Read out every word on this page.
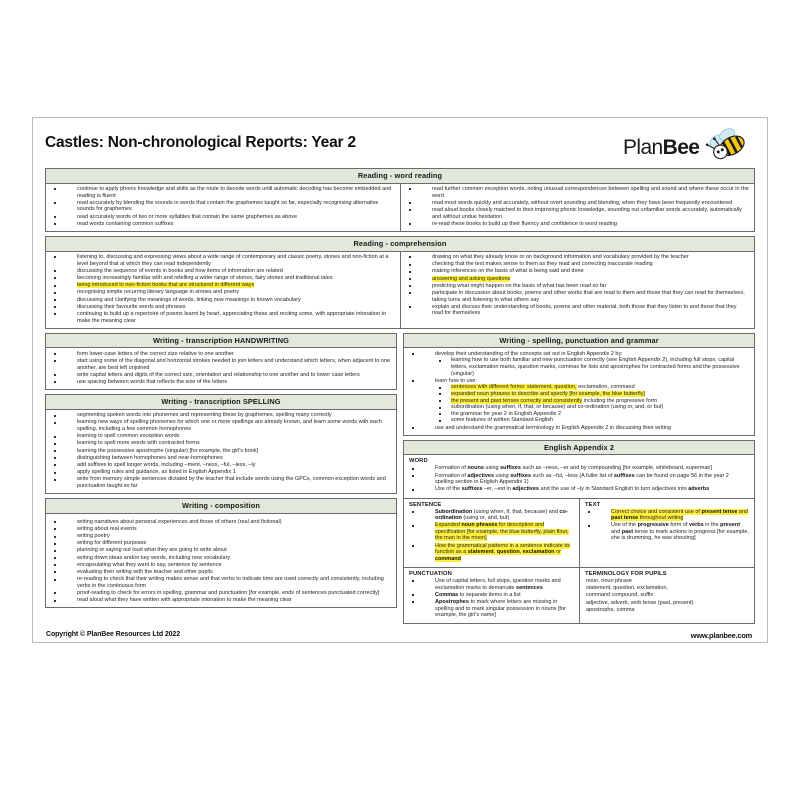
Castles: Non-chronological Reports: Year 2	PlanBee
Reading - word reading
continue to apply phonic knowledge and skills as the route to decode words until automatic decoding has become embedded and reading is fluent
read accurately by blending the sounds in words that contain the graphemes taught so far, especially recognising alternative sounds for graphemes
read accurately words of two or more syllables that contain the same graphemes as above
read words containing common suffixes
read further common exception words, noting unusual correspondences between spelling and sound and where these occur in the word
read most words quickly and accurately, without overt sounding and blending, when they have been frequently encountered
read aloud books closely matched to their improving phonic knowledge, sounding out unfamiliar words accurately, automatically and without undue hesitation
re-read these books to build up their fluency and confidence in word reading
Reading - comprehension
listening to, discussing and expressing views about a wide range of contemporary and classic poetry, stories and non-fiction at a level beyond that at which they can read independently
discussing the sequence of events in books and how items of information are related
becoming increasingly familiar with and retelling a wider range of stories, fairy stories and traditional tales
being introduced to non-fiction books that are structured in different ways
recognising simple recurring literary language in stories and poetry
discussing and clarifying the meanings of words, linking new meanings to known vocabulary
discussing their favourite words and phrases
continuing to build up a repertoire of poems learnt by heart, appreciating these and reciting some, with appropriate intonation to make the meaning clear
drawing on what they already know or on background information and vocabulary provided by the teacher
checking that the text makes sense to them as they read and correcting inaccurate reading
making inferences on the basis of what is being said and done
answering and asking questions
predicting what might happen on the basis of what has been read so far
participate in discussion about books, poems and other works that are read to them and those that they can read for themselves, taking turns and listening to what others say
explain and discuss their understanding of books, poems and other material, both those that they listen to and those that they read for themselves
Writing - transcription HANDWRITING
form lower-case letters of the correct size relative to one another
start using some of the diagonal and horizontal strokes needed to join letters and understand which letters, when adjacent to one another, are best left unjoined
write capital letters and digits of the correct size, orientation and relationship to one another and to lower case letters
use spacing between words that reflects the size of the letters
Writing - transcription SPELLING
segmenting spoken words into phonemes and representing these by graphemes, spelling many correctly
learning new ways of spelling phonemes for which one or more spellings are already known, and learn some words with each spelling, including a few common homophones
learning to spell common exception words
learning to spell more words with contracted forms
learning the possessive apostrophe (singular) [for example, the girl's book]
distinguishing between homophones and near-homophones
add suffixes to spell longer words, including –ment, –ness, –ful, –less, –ly
apply spelling rules and guidance, as listed in English Appendix 1
write from memory simple sentences dictated by the teacher that include words using the GPCs, common exception words and punctuation taught so far
Writing - composition
writing narratives about personal experiences and those of others (real and fictional)
writing about real events
writing poetry
writing for different purposes
planning or saying out loud what they are going to write about
writing down ideas and/or key words, including new vocabulary
encapsulating what they want to say, sentence by sentence
evaluating their writing with the teacher and other pupils
re-reading to check that their writing makes sense and that verbs to indicate time are used correctly and consistently, including verbs in the continuous form
proof-reading to check for errors in spelling, grammar and punctuation [for example, ends of sentences punctuated correctly]
read aloud what they have written with appropriate intonation to make the meaning clear
Writing - spelling, punctuation and grammar
develop their understanding of the concepts set out in English Appendix 2 by:
learning how to use both familiar and new punctuation correctly (see English Appendix 2), including full stops, capital letters, exclamation marks, question marks, commas for lists and apostrophes for contracted forms and the possessive (singular)
learn how to use:
sentences with different forms: statement, question, exclamation, command
expanded noun phrases to describe and specify [for example, the blue butterfly]
the present and past tenses correctly and consistently including the progressive form
subordination (using when, if, that, or because) and co-ordination (using or, and, or but)
the grammar for year 2 in English Appendix 2
some features of written Standard English
use and understand the grammatical terminology in English Appendix 2 in discussing their writing
English Appendix 2
WORD
Formation of nouns using suffixes such as –ness, –er and by compounding [for example, whiteboard, superman]
Formation of adjectives using suffixes such as –ful, –less (A fuller list of suffixes can be found on page 56 in the year 2 spelling section in English Appendix 1)
Use of the suffixes –er, –est in adjectives and the use of –ly in Standard English to turn adjectives into adverbs
SENTENCE
Subordination (using when, if, that, because) and co-ordination (using or, and, but)
Expanded noun phrases for description and specification [for example, the blue butterfly, plain flour, the man in the moon]
How the grammatical patterns in a sentence indicate its function as a statement, question, exclamation or command
TEXT
Correct choice and consistent use of present tense and past tense throughout writing
Use of the progressive form of verbs in the present and past tense to mark actions in progress [for example, she is drumming, he was shouting]
PUNCTUATION
Use of capital letters, full stops, question marks and exclamation marks to demarcate sentences
Commas to separate items in a list
Apostrophes to mark where letters are missing in spelling and to mark singular possession in nouns [for example, the girl's name]
TERMINOLOGY FOR PUPILS
noun, noun phrase
statement, question, exclamation,
command compound, suffix
adjective, adverb, verb tense (past, present)
apostrophe, comma
Copyright © PlanBee Resources Ltd 2022	www.planbee.com
